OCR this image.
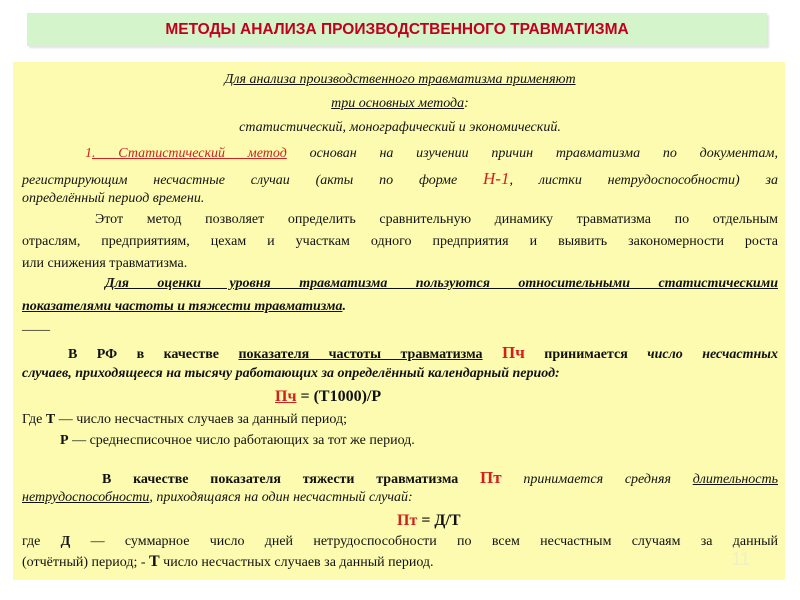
МЕТОДЫ АНАЛИЗА ПРОИЗВОДСТВЕННОГО ТРАВМАТИЗМА
Для анализа производственного травматизма применяют
три основных метода:
статистический, монографический и экономический.
1. Статистический метод основан на изучении причин травматизма по документам,
регистрирующим несчастные случаи (акты по форме Н-1, листки нетрудоспособности) за
определённый период времени.
Этот метод позволяет определить сравнительную динамику травматизма по отдельным
отраслям, предприятиям, цехам и участкам одного предприятия и выявить закономерности роста
или снижения травматизма.
Для оценки уровня травматизма пользуются относительными статистическими
показателями частоты и тяжести травматизма.
____
В РФ в качестве показателя частоты травматизма Пч принимается число несчастных
случаев, приходящееся на тысячу работающих за определённый календарный период:
Пч = (Т1000)/Р
Где Т — число несчастных случаев за данный период;
Р — среднесписочное число работающих за тот же период.
В качестве показателя тяжести травматизма Пт принимается средняя длительность
нетрудоспособности, приходящаяся на один несчастный случай:
Пт = Д/Т
где Д — суммарное число дней нетрудоспособности по всем несчастным случаям за данный
(отчётный) период; - Т число несчастных случаев за данный период.	11
